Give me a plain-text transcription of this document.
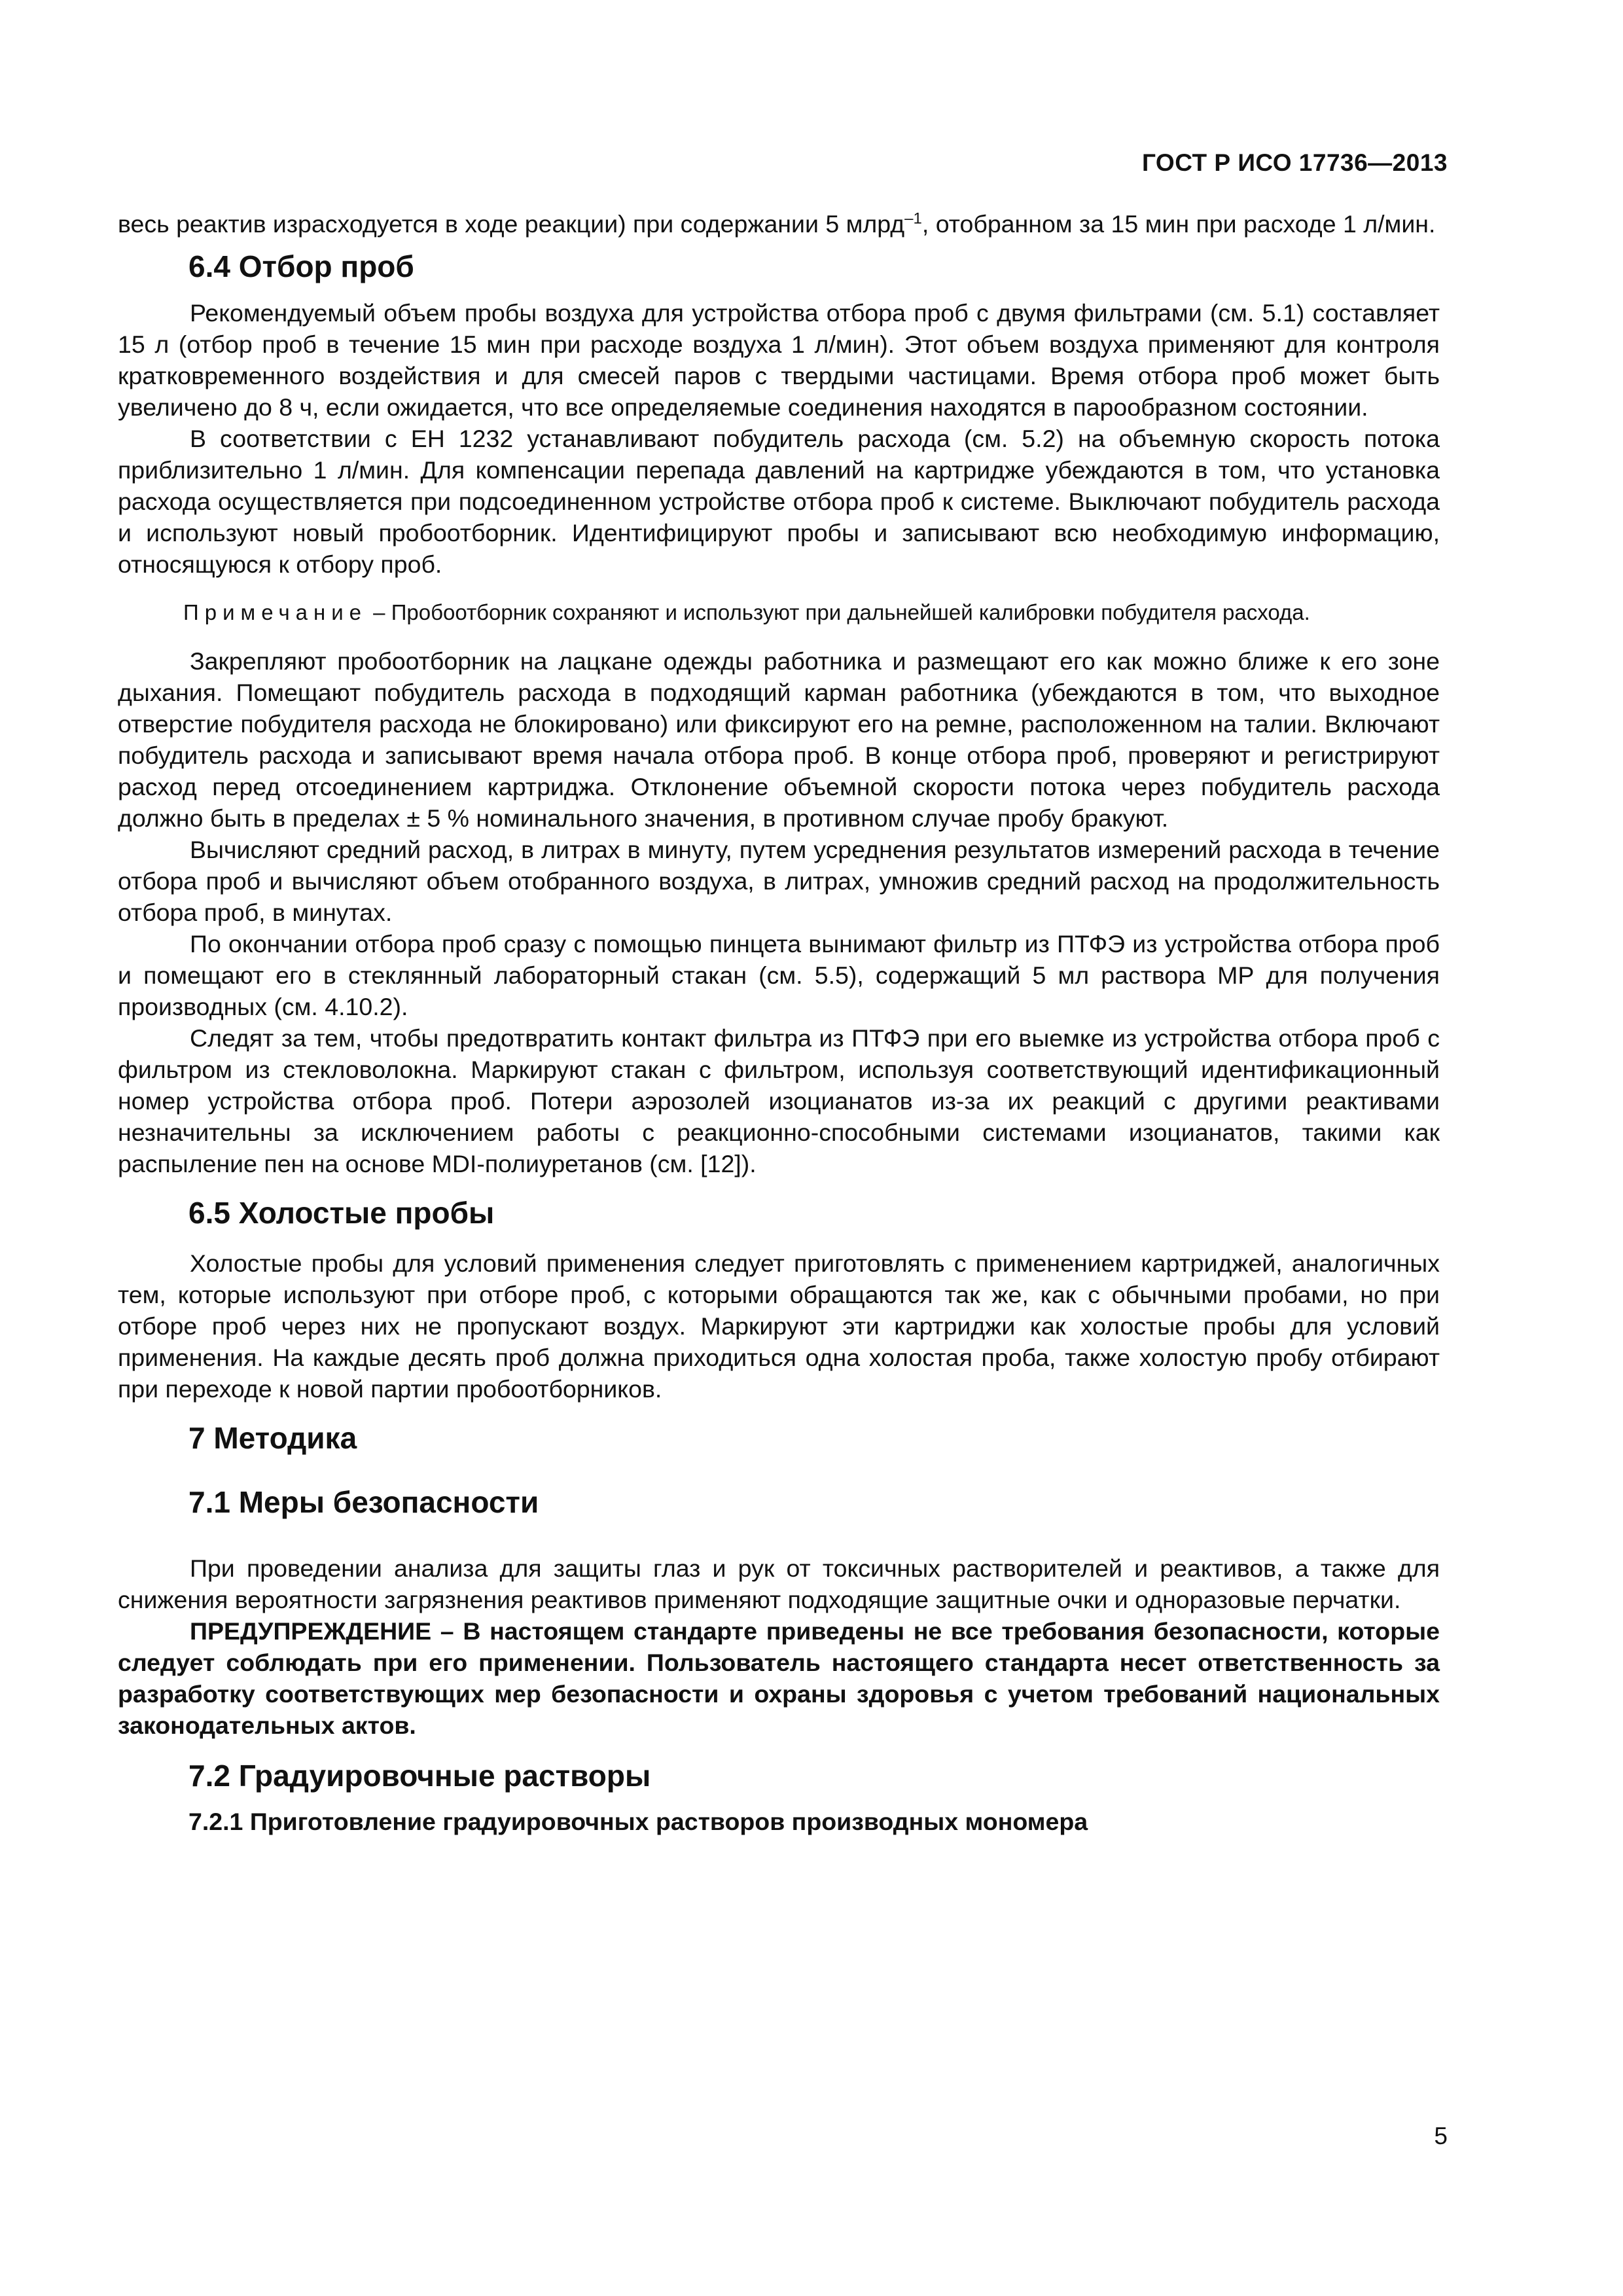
ГОСТ Р ИСО 17736—2013

весь реактив израсходуется в ходе реакции) при содержании 5 млрд$^{-1}$, отобранном за 15 мин при расходе 1 л/мин.

6.4 Отбор проб

Рекомендуемый объем пробы воздуха для устройства отбора проб с двумя фильтрами (см. 5.1) составляет 15 л (отбор проб в течение 15 мин при расходе воздуха 1 л/мин). Этот объем воздуха применяют для контроля кратковременного воздействия и для смесей паров с твердыми частицами. Время отбора проб может быть увеличено до 8 ч, если ожидается, что все определяемые соединения находятся в парообразном состоянии.

В соответствии с ЕН 1232 устанавливают побудитель расхода (см. 5.2) на объемную скорость потока приблизительно 1 л/мин. Для компенсации перепада давлений на картридже убеждаются в том, что установка расхода осуществляется при подсоединенном устройстве отбора проб к системе. Выключают побудитель расхода и используют новый пробоотборник. Идентифицируют пробы и записывают всю необходимую информацию, относящуюся к отбору проб.

Примечание – Пробоотборник сохраняют и используют при дальнейшей калибровки побудителя расхода.

Закрепляют пробоотборник на лацкане одежды работника и размещают его как можно ближе к его зоне дыхания. Помещают побудитель расхода в подходящий карман работника (убеждаются в том, что выходное отверстие побудителя расхода не блокировано) или фиксируют его на ремне, расположенном на талии. Включают побудитель расхода и записывают время начала отбора проб. В конце отбора проб, проверяют и регистрируют расход перед отсоединением картриджа. Отклонение объемной скорости потока через побудитель расхода должно быть в пределах ± 5 % номинального значения, в противном случае пробу бракуют.

Вычисляют средний расход, в литрах в минуту, путем усреднения результатов измерений расхода в течение отбора проб и вычисляют объем отобранного воздуха, в литрах, умножив средний расход на продолжительность отбора проб, в минутах.

По окончании отбора проб сразу с помощью пинцета вынимают фильтр из ПТФЭ из устройства отбора проб и помещают его в стеклянный лабораторный стакан (см. 5.5), содержащий 5 мл раствора МР для получения производных (см. 4.10.2).

Следят за тем, чтобы предотвратить контакт фильтра из ПТФЭ при его выемке из устройства отбора проб с фильтром из стекловолокна. Маркируют стакан с фильтром, используя соответствующий идентификационный номер устройства отбора проб. Потери аэрозолей изоцианатов из-за их реакций с другими реактивами незначительны за исключением работы с реакционно-способными системами изоцианатов, такими как распыление пен на основе MDI-полиуретанов (см. [12]).

6.5 Холостые пробы

Холостые пробы для условий применения следует приготовлять с применением картриджей, аналогичных тем, которые используют при отборе проб, с которыми обращаются так же, как с обычными пробами, но при отборе проб через них не пропускают воздух. Маркируют эти картриджи как холостые пробы для условий применения. На каждые десять проб должна приходиться одна холостая проба, также холостую пробу отбирают при переходе к новой партии пробоотборников.

7 Методика
7.1 Меры безопасности

При проведении анализа для защиты глаз и рук от токсичных растворителей и реактивов, а также для снижения вероятности загрязнения реактивов применяют подходящие защитные очки и одноразовые перчатки.

ПРЕДУПРЕЖДЕНИЕ – В настоящем стандарте приведены не все требования безопасности, которые следует соблюдать при его применении. Пользователь настоящего стандарта несет ответственность за разработку соответствующих мер безопасности и охраны здоровья с учетом требований национальных законодательных актов.

7.2 Градуировочные растворы
7.2.1 Приготовление градуировочных растворов производных мономера
5
